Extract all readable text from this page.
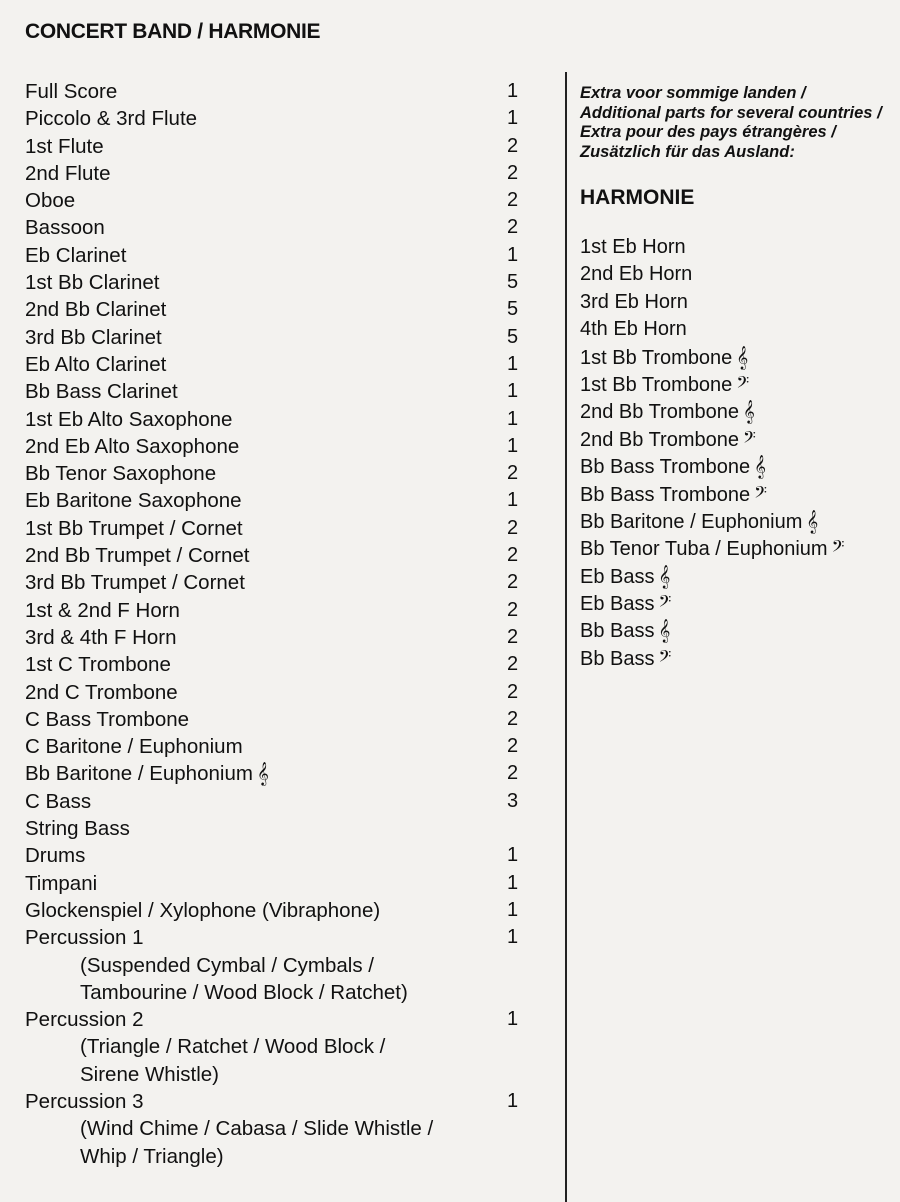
CONCERT BAND / HARMONIE
Full Score	1
Piccolo & 3rd Flute	1
1st Flute	2
2nd Flute	2
Oboe	2
Bassoon	2
Eb Clarinet	1
1st Bb Clarinet	5
2nd Bb Clarinet	5
3rd Bb Clarinet	5
Eb Alto Clarinet	1
Bb Bass Clarinet	1
1st Eb Alto Saxophone	1
2nd Eb Alto Saxophone	1
Bb Tenor Saxophone	2
Eb Baritone Saxophone	1
1st Bb Trumpet / Cornet	2
2nd Bb Trumpet / Cornet	2
3rd Bb Trumpet / Cornet	2
1st & 2nd F Horn	2
3rd & 4th F Horn	2
1st C Trombone	2
2nd C Trombone	2
C Bass Trombone	2
C Baritone / Euphonium	2
Bb Baritone / Euphonium 𝄞	2
C Bass	3
String Bass
Drums	1
Timpani	1
Glockenspiel / Xylophone (Vibraphone)	1
Percussion 1	1
(Suspended Cymbal / Cymbals /
Tambourine / Wood Block / Ratchet)
Percussion 2	1
(Triangle / Ratchet / Wood Block /
Sirene Whistle)
Percussion 3	1
(Wind Chime / Cabasa / Slide Whistle /
Whip / Triangle)
Extra voor sommige landen /
Additional parts for several countries /
Extra pour des pays étrangères /
Zusätzlich für das Ausland:
HARMONIE
1st Eb Horn
2nd Eb Horn
3rd Eb Horn
4th Eb Horn
1st Bb Trombone 𝄞
1st Bb Trombone 𝄢
2nd Bb Trombone 𝄞
2nd Bb Trombone 𝄢
Bb Bass Trombone 𝄞
Bb Bass Trombone 𝄢
Bb Baritone / Euphonium 𝄞
Bb Tenor Tuba / Euphonium 𝄢
Eb Bass 𝄞
Eb Bass 𝄢
Bb Bass 𝄞
Bb Bass 𝄢
